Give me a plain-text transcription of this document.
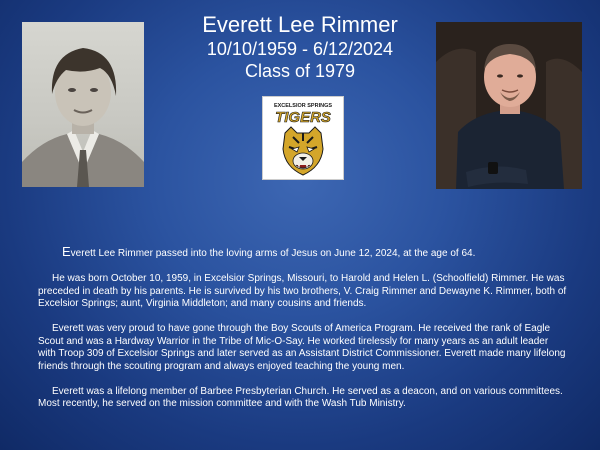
Everett Lee Rimmer
10/10/1959 - 6/12/2024
Class of 1979
EXCELSIOR SPRINGS
TIGERS

Everett Lee Rimmer passed into the loving arms of Jesus on June 12, 2024, at the age of 64.

He was born October 10, 1959, in Excelsior Springs, Missouri, to Harold and Helen L. (Schoolfield) Rimmer. He was preceded in death by his parents. He is survived by his two brothers, V. Craig Rimmer and Dewayne K. Rimmer, both of Excelsior Springs; aunt, Virginia Middleton; and many cousins and friends.

Everett was very proud to have gone through the Boy Scouts of America Program. He received the rank of Eagle Scout and was a Hardway Warrior in the Tribe of Mic-O-Say. He worked tirelessly for many years as an adult leader with Troop 309 of Excelsior Springs and later served as an Assistant District Commissioner. Everett made many lifelong friends through the scouting program and always enjoyed teaching the young men.

Everett was a lifelong member of Barbee Presbyterian Church. He served as a deacon, and on various committees. Most recently, he served on the mission committee and with the Wash Tub Ministry.
